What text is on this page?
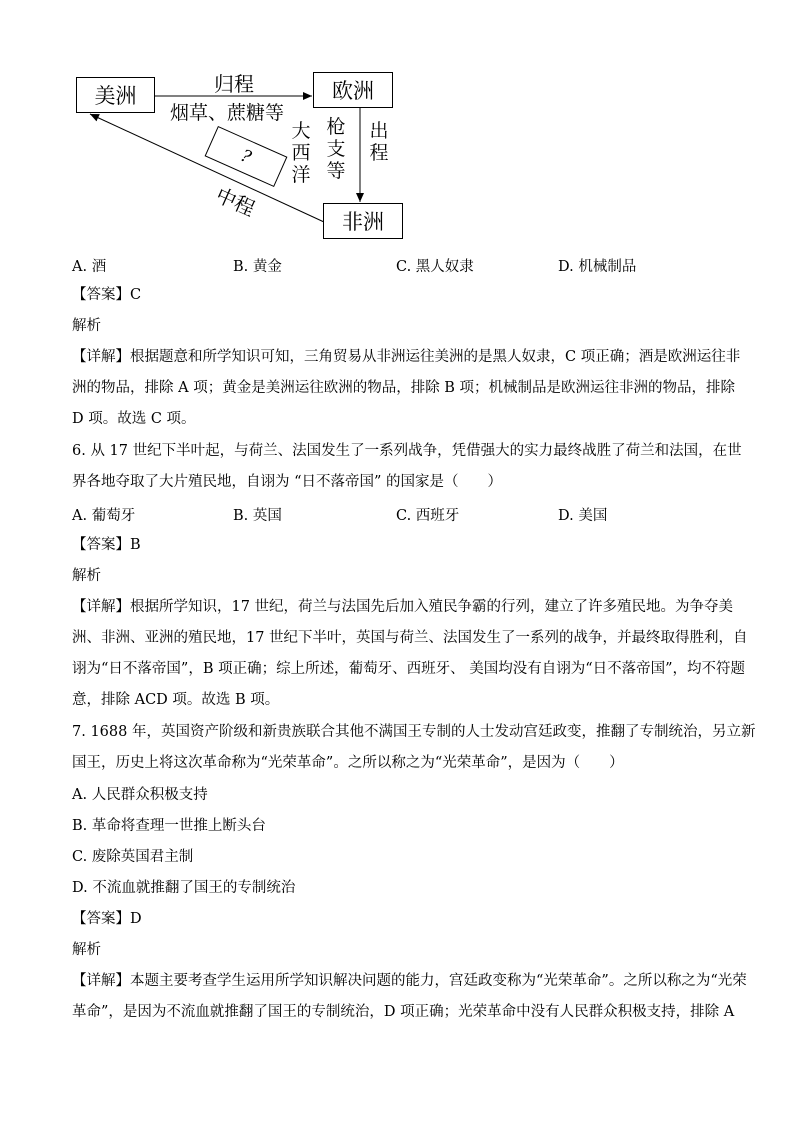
美洲	欧洲
非洲
归程
烟草、蔗糖等
出
程
枪
支
等
大
西
洋
?
中程
A. 酒	B. 黄金	C. 黑人奴隶	D. 机械制品
【答案】C
解析
【详解】根据题意和所学知识可知，三角贸易从非洲运往美洲的是黑人奴隶，C 项正确；酒是欧洲运往非
洲的物品，排除 A 项；黄金是美洲运往欧洲的物品，排除 B 项；机械制品是欧洲运往非洲的物品，排除
D 项。故选 C 项。
6. 从 17 世纪下半叶起，与荷兰、法国发生了一系列战争，凭借强大的实力最终战胜了荷兰和法国，在世
界各地夺取了大片殖民地，自诩为 “日不落帝国” 的国家是（　　）
A. 葡萄牙	B. 英国	C. 西班牙	D. 美国
【答案】B
解析
【详解】根据所学知识，17 世纪，荷兰与法国先后加入殖民争霸的行列，建立了许多殖民地。为争夺美
洲、非洲、亚洲的殖民地，17 世纪下半叶，英国与荷兰、法国发生了一系列的战争，并最终取得胜利，自
诩为“日不落帝国”，B 项正确；综上所述，葡萄牙、西班牙、 美国均没有自诩为“日不落帝国”，均不符题
意，排除 ACD 项。故选 B 项。
7. 1688 年，英国资产阶级和新贵族联合其他不满国王专制的人士发动宫廷政变，推翻了专制统治，另立新
国王，历史上将这次革命称为“光荣革命”。之所以称之为“光荣革命”，是因为（　　）
A. 人民群众积极支持
B. 革命将查理一世推上断头台
C. 废除英国君主制
D. 不流血就推翻了国王的专制统治
【答案】D
解析
【详解】本题主要考查学生运用所学知识解决问题的能力，宫廷政变称为“光荣革命”。之所以称之为“光荣
革命”，是因为不流血就推翻了国王的专制统治，D 项正确；光荣革命中没有人民群众积极支持，排除 A
